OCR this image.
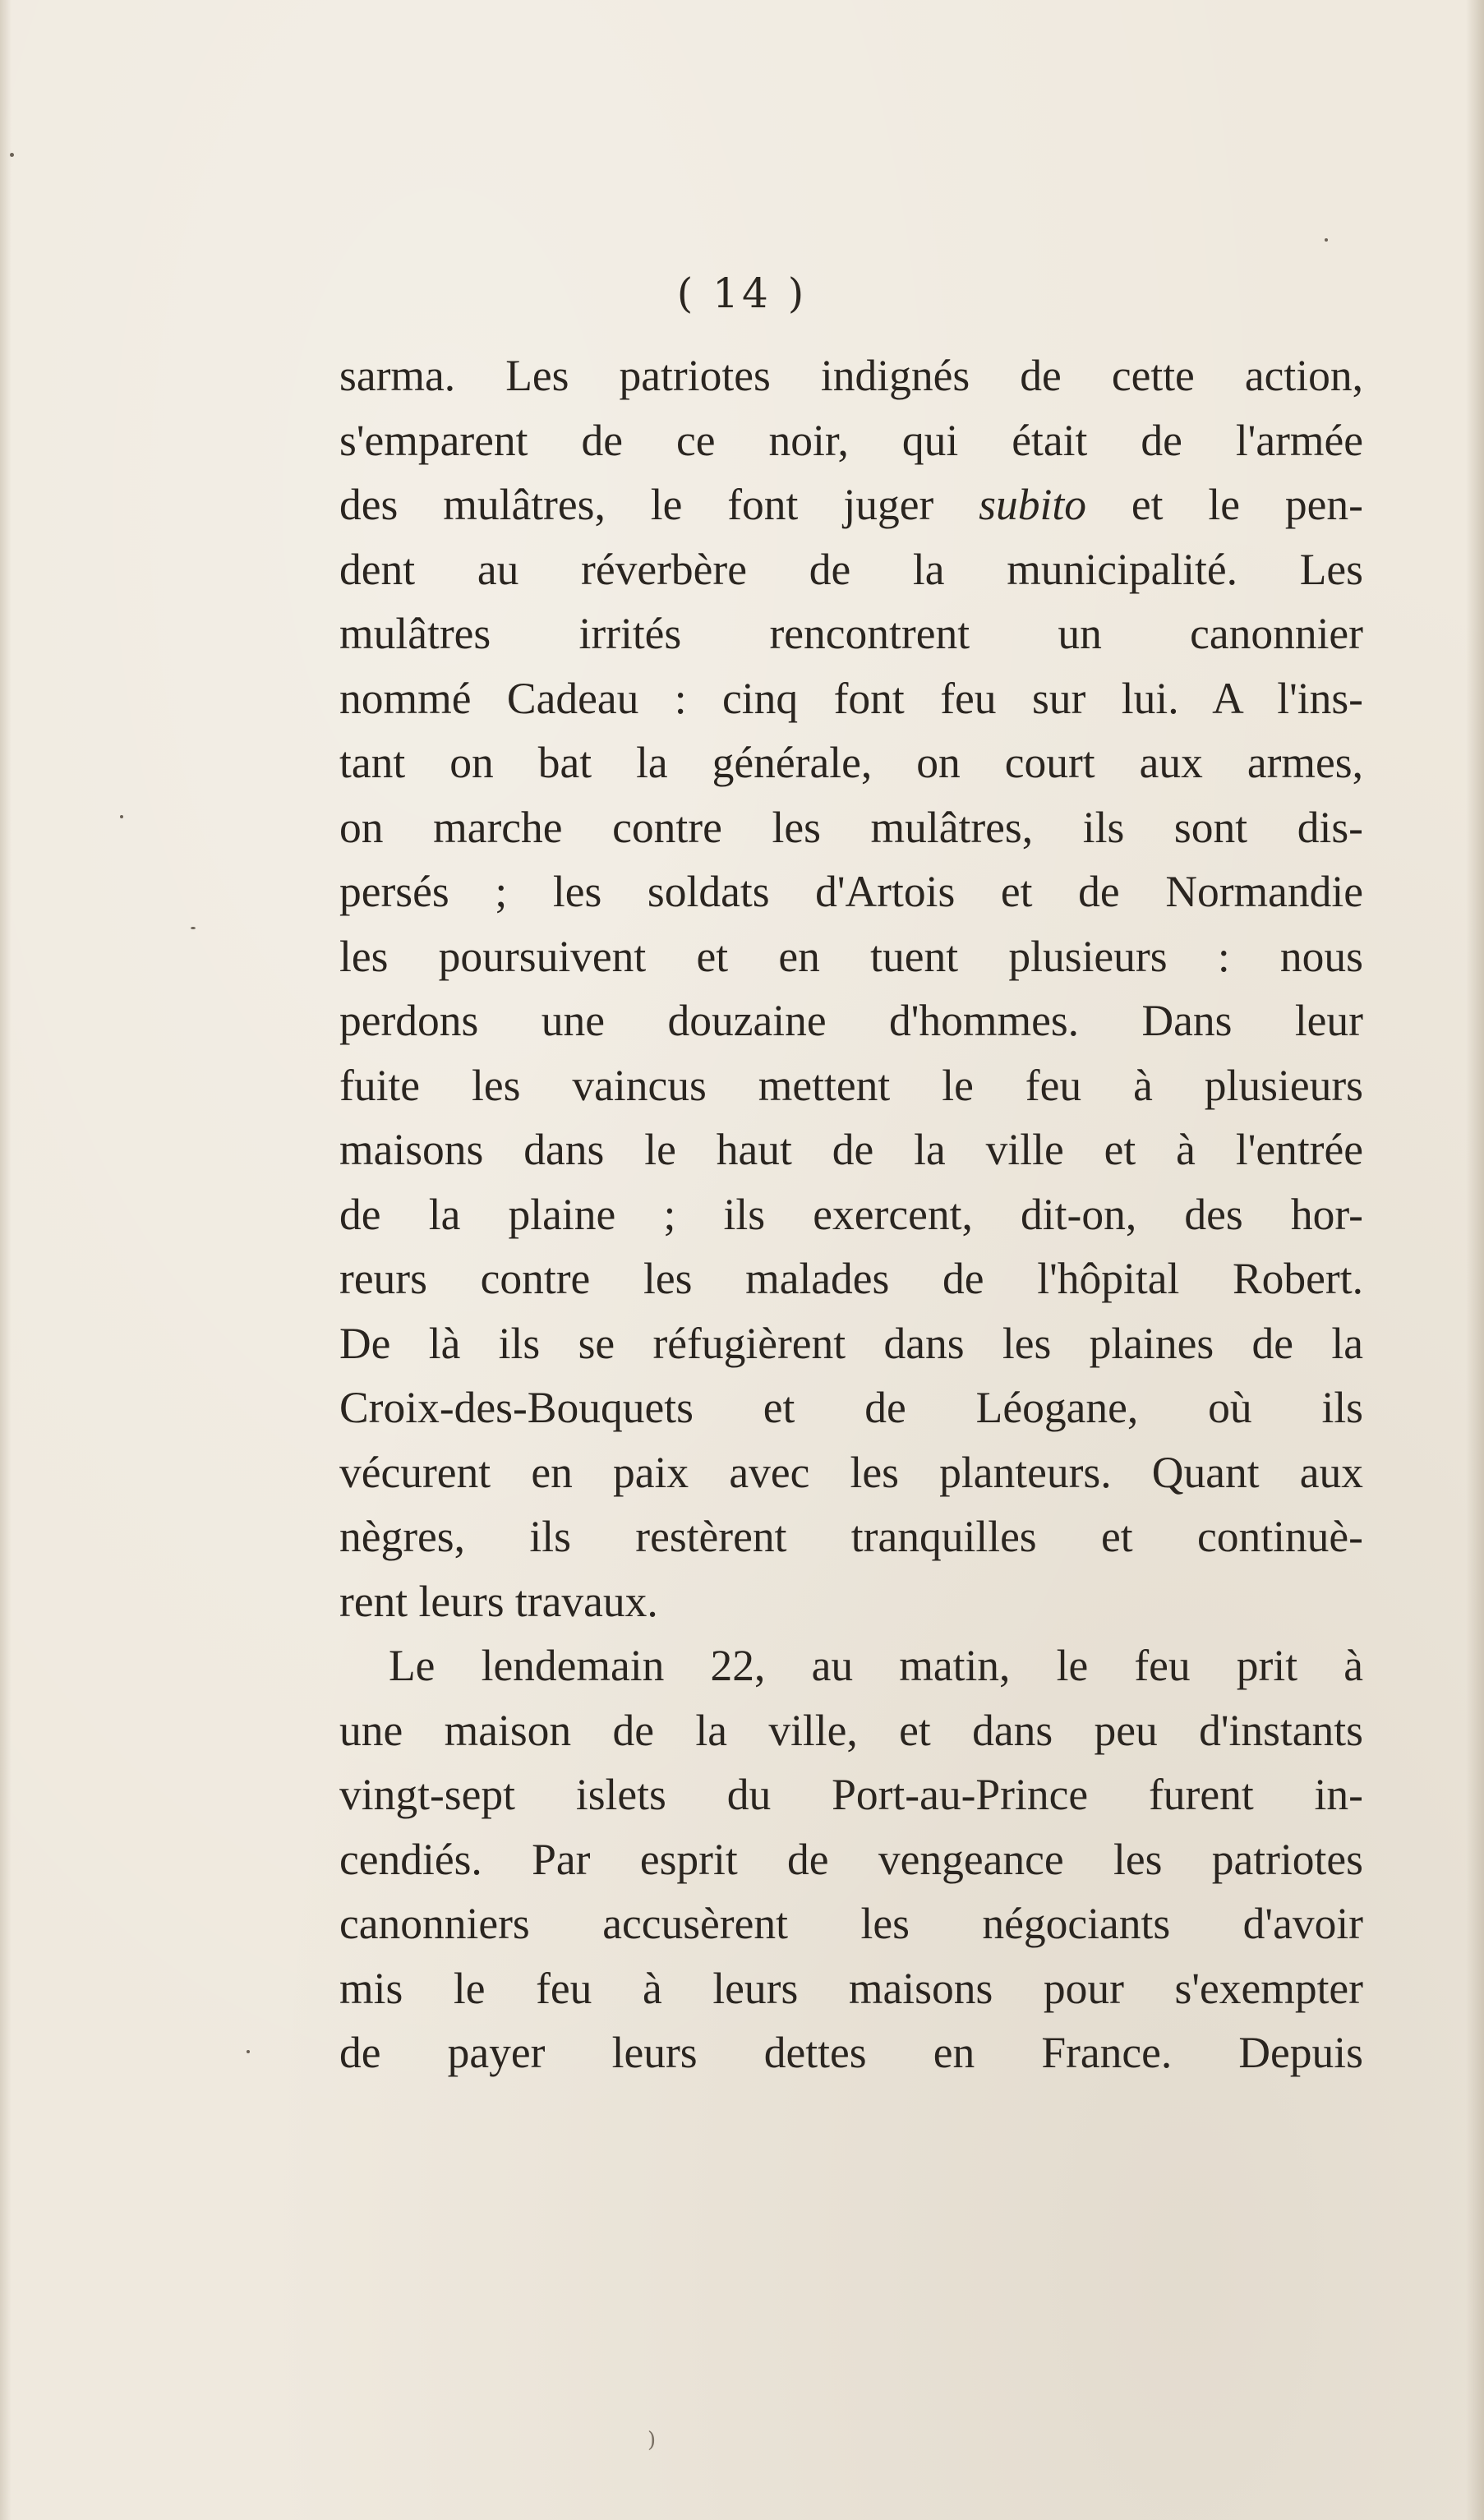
( 14 )
sarma. Les patriotes indignés de cette action,
s'emparent de ce noir, qui était de l'armée
des mulâtres, le font juger subito et le pen-
dent au réverbère de la municipalité. Les
mulâtres irrités rencontrent un canonnier
nommé Cadeau : cinq font feu sur lui. A l'ins-
tant on bat la générale, on court aux armes,
on marche contre les mulâtres, ils sont dis-
persés ; les soldats d'Artois et de Normandie
les poursuivent et en tuent plusieurs : nous
perdons une douzaine d'hommes. Dans leur
fuite les vaincus mettent le feu à plusieurs
maisons dans le haut de la ville et à l'entrée
de la plaine ; ils exercent, dit-on, des hor-
reurs contre les malades de l'hôpital Robert.
De là ils se réfugièrent dans les plaines de la
Croix-des-Bouquets et de Léogane, où ils
vécurent en paix avec les planteurs. Quant aux
nègres, ils restèrent tranquilles et continuè-
rent leurs travaux.
Le lendemain 22, au matin, le feu prit à
une maison de la ville, et dans peu d'instants
vingt-sept islets du Port-au-Prince furent in-
cendiés. Par esprit de vengeance les patriotes
canonniers accusèrent les négociants d'avoir
mis le feu à leurs maisons pour s'exempter
de payer leurs dettes en France. Depuis
)
